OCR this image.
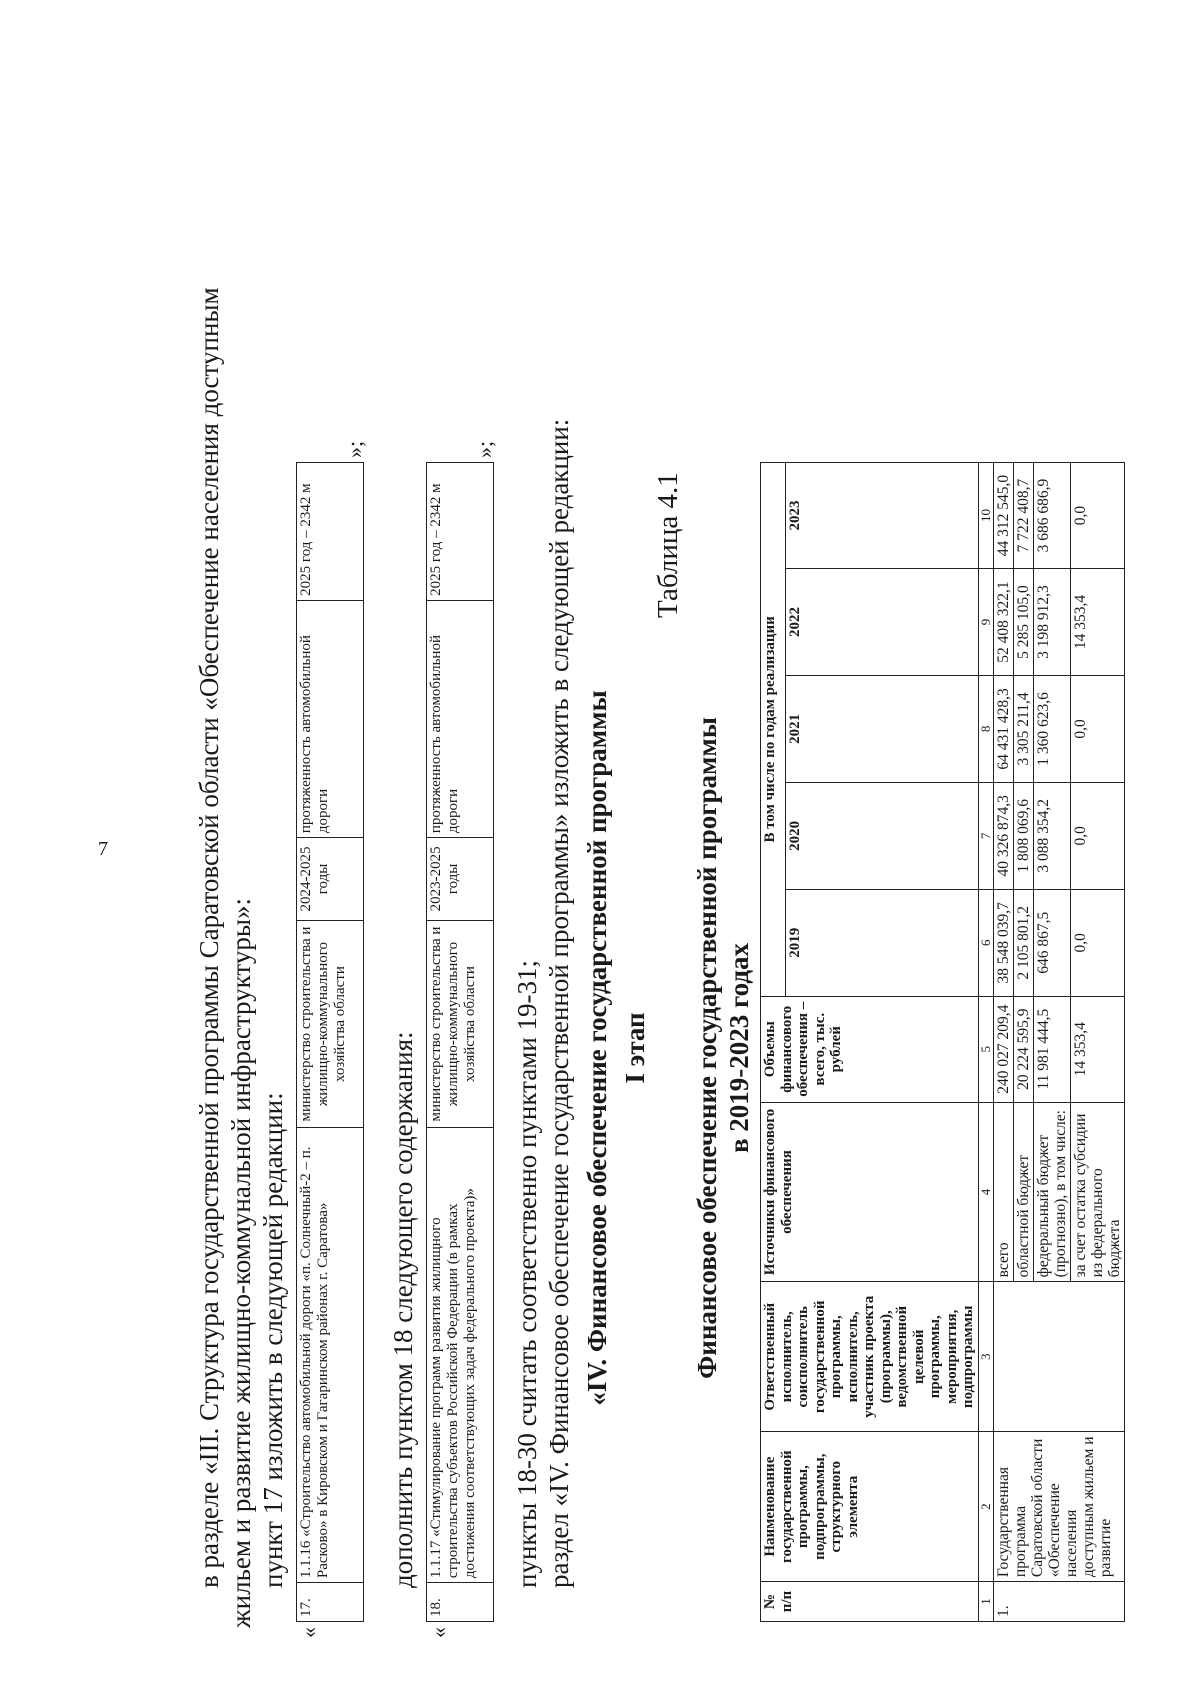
7	в разделе «III. Структура государственной программы Саратовской области «Обеспечение населения доступным жильем и развитие жилищно-коммунальной инфраструктуры»: пункт 17 изложить в следующей редакции:
«
17.	1.1.16 «Строительство автомобильной дороги «п. Солнечный-2 – п. Расково» в Кировском и Гагаринском районах г. Саратова»	министерство строительства и жилищно-коммунального хозяйства области	2024-2025 годы	протяженность автомобильной дороги	2025 год – 2342 м
»;
дополнить пунктом 18 следующего содержания:
«
18.	1.1.17 «Стимулирование программ развития жилищного строительства субъектов Российской Федерации (в рамках достижения соответствующих задач федерального проекта)»	министерство строительства и жилищно-коммунального хозяйства области	2023-2025 годы	протяженность автомобильной дороги	2025 год – 2342 м
»;
пункты 18-30 считать соответственно пунктами 19-31; раздел «IV. Финансовое обеспечение государственной программы» изложить в следующей редакции: «IV. Финансовое обеспечение государственной программы I этап
Таблица 4.1
Финансовое обеспечение государственной программы в 2019-2023 годах
№ п/п	Наименование государственной программы, подпрограммы, структурного элемента	Ответственный исполнитель, соисполнитель государственной программы, исполнитель, участник проекта (программы), ведомственной целевой программы, мероприятия, подпрограммы	Источники финансового обеспечения	Объемы финансового обеспечения – всего, тыс. рублей	В том числе по годам реализации				
					2019	2020	2021	2022	2023
1	2	3	4	5	6	7	8	9	10
1.	Государственная программа Саратовской области «Обеспечение населения доступным жильем и развитие		всего	240 027 209,4	38 548 039,7	40 326 874,3	64 431 428,3	52 408 322,1	44 312 545,0
			областной бюджет	20 224 595,9	2 105 801,2	1 808 069,6	3 305 211,4	5 285 105,0	7 722 408,7
			федеральный бюджет (прогнозно), в том числе:	11 981 444,5	646 867,5	3 088 354,2	1 360 623,6	3 198 912,3	3 686 686,9
			за счет остатка субсидии из федерального бюджета	14 353,4	0,0	0,0	0,0	14 353,4	0,0
